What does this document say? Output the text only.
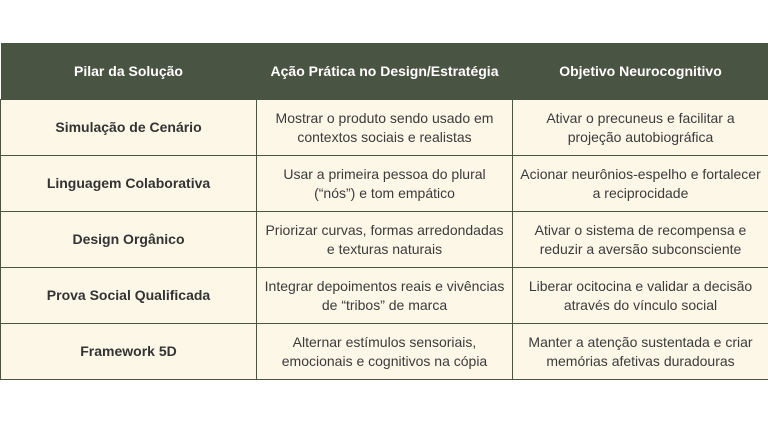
Pilar da Solução	Ação Prática no Design/Estratégia	Objetivo Neurocognitivo
Simulação de Cenário	Mostrar o produto sendo usado em contextos sociais e realistas	Ativar o precuneus e facilitar a projeção autobiográfica
Linguagem Colaborativa	Usar a primeira pessoa do plural (“nós”) e tom empático	Acionar neurônios-espelho e fortalecer a reciprocidade
Design Orgânico	Priorizar curvas, formas arredondadas e texturas naturais	Ativar o sistema de recompensa e reduzir a aversão subconsciente
Prova Social Qualificada	Integrar depoimentos reais e vivências de “tribos” de marca	Liberar ocitocina e validar a decisão através do vínculo social
Framework 5D	Alternar estímulos sensoriais, emocionais e cognitivos na cópia	Manter a atenção sustentada e criar memórias afetivas duradouras
